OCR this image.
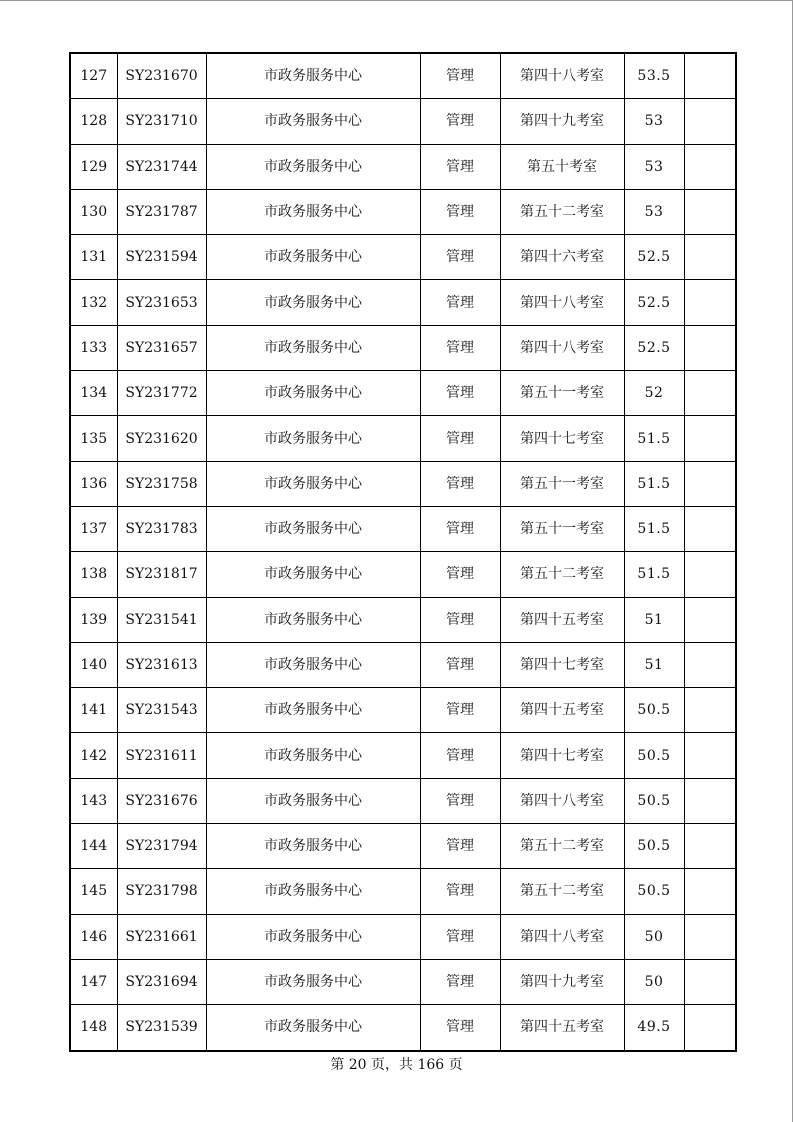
127	SY231670	市政务服务中心	管理	第四十八考室	53.5	
128	SY231710	市政务服务中心	管理	第四十九考室	53	
129	SY231744	市政务服务中心	管理	第五十考室	53	
130	SY231787	市政务服务中心	管理	第五十二考室	53	
131	SY231594	市政务服务中心	管理	第四十六考室	52.5	
132	SY231653	市政务服务中心	管理	第四十八考室	52.5	
133	SY231657	市政务服务中心	管理	第四十八考室	52.5	
134	SY231772	市政务服务中心	管理	第五十一考室	52	
135	SY231620	市政务服务中心	管理	第四十七考室	51.5	
136	SY231758	市政务服务中心	管理	第五十一考室	51.5	
137	SY231783	市政务服务中心	管理	第五十一考室	51.5	
138	SY231817	市政务服务中心	管理	第五十二考室	51.5	
139	SY231541	市政务服务中心	管理	第四十五考室	51	
140	SY231613	市政务服务中心	管理	第四十七考室	51	
141	SY231543	市政务服务中心	管理	第四十五考室	50.5	
142	SY231611	市政务服务中心	管理	第四十七考室	50.5	
143	SY231676	市政务服务中心	管理	第四十八考室	50.5	
144	SY231794	市政务服务中心	管理	第五十二考室	50.5	
145	SY231798	市政务服务中心	管理	第五十二考室	50.5	
146	SY231661	市政务服务中心	管理	第四十八考室	50	
147	SY231694	市政务服务中心	管理	第四十九考室	50	
148	SY231539	市政务服务中心	管理	第四十五考室	49.5	
第 20 页，共 166 页
